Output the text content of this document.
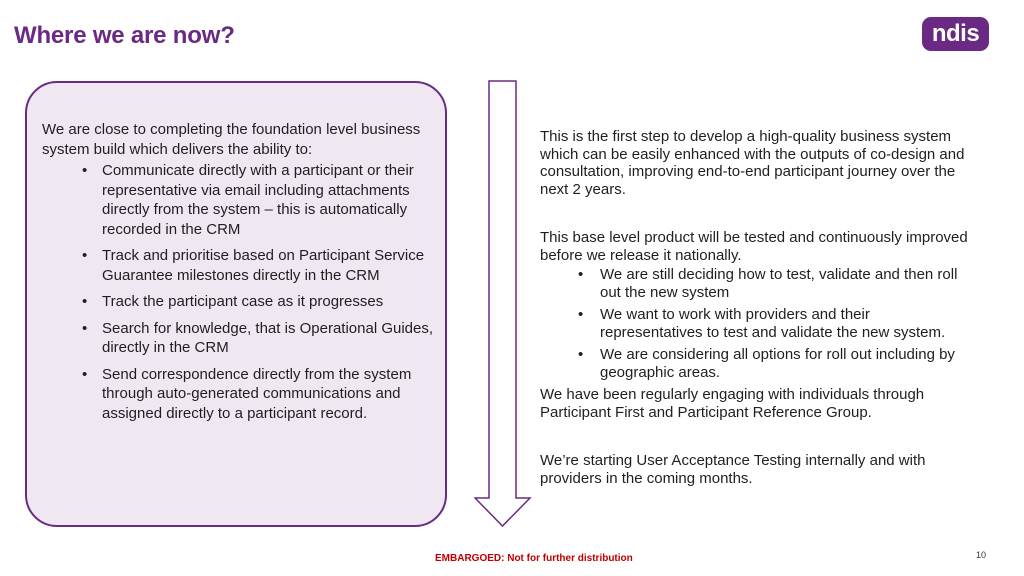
Where we are now?	ndis

We are close to completing the foundation level business system build which delivers the ability to:

• Communicate directly with a participant or their representative via email including attachments directly from the system – this is automatically recorded in the CRM
• Track and prioritise based on Participant Service Guarantee milestones directly in the CRM
• Track the participant case as it progresses
• Search for knowledge, that is Operational Guides, directly in the CRM
• Send correspondence directly from the system through auto-generated communications and assigned directly to a participant record.

This is the first step to develop a high-quality business system which can be easily enhanced with the outputs of co-design and consultation, improving end-to-end participant journey over the next 2 years.

This base level product will be tested and continuously improved before we release it nationally.

• We are still deciding how to test, validate and then roll out the new system
• We want to work with providers and their representatives to test and validate the new system.
• We are considering all options for roll out including by geographic areas.

We have been regularly engaging with individuals through Participant First and Participant Reference Group.

We’re starting User Acceptance Testing internally and with providers in the coming months.

EMBARGOED: Not for further distribution	10
